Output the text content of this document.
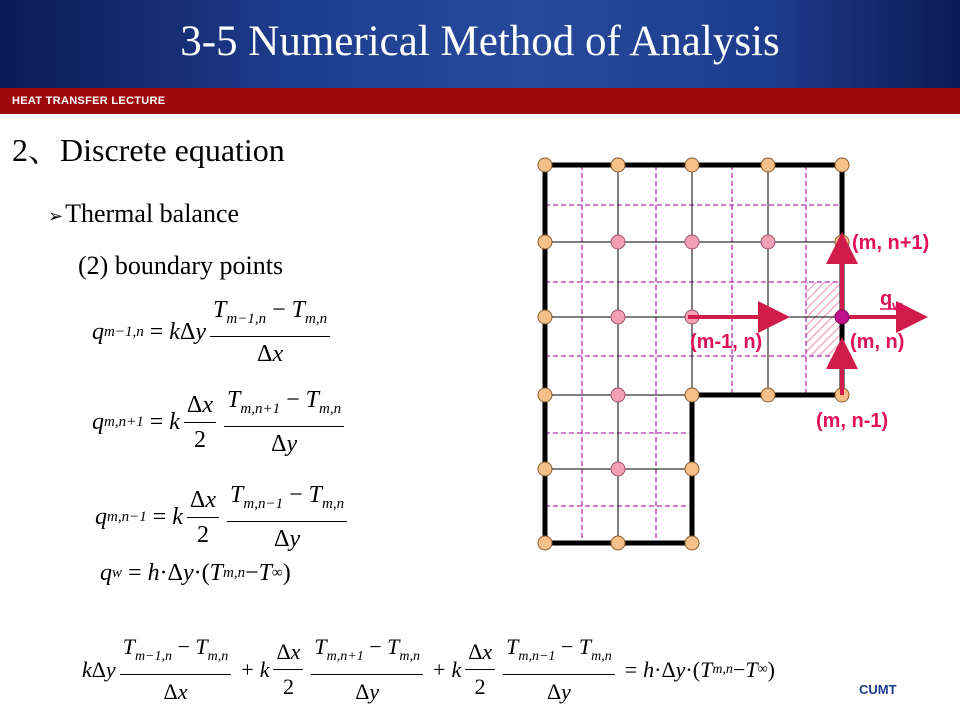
3-5 Numerical Method of Analysis
HEAT TRANSFER LECTURE
2、Discrete equation
➢Thermal balance
(2) boundary points
q m−1,n = k Δ y $\frac{T_{m-1,n} - T_{m,n}}{\Delta x}$
q m,n+1 = k $\frac{\Delta x}{2} \frac{T_{m,n+1} - T_{m,n}}{\Delta y}$
q m,n−1 = k $\frac{\Delta x}{2} \frac{T_{m,n-1} - T_{m,n}}{\Delta y}$
q w = h ·Δ y ·( T m,n − T ∞ )
k Δ y $\frac{T_{m-1,n} - T_{m,n}}{\Delta x} + k \frac{\Delta x}{2} \frac{T_{m,n+1} - T_{m,n}}{\Delta y} + k \frac{\Delta x}{2} \frac{T_{m,n-1} - T_{m,n}}{\Delta y} = h \cdot\Delta$ y ·( T m,n − T ∞ )
(m, n+1)
$q_w$
(m, n)
(m-1, n)
(m, n-1)
CUMT
